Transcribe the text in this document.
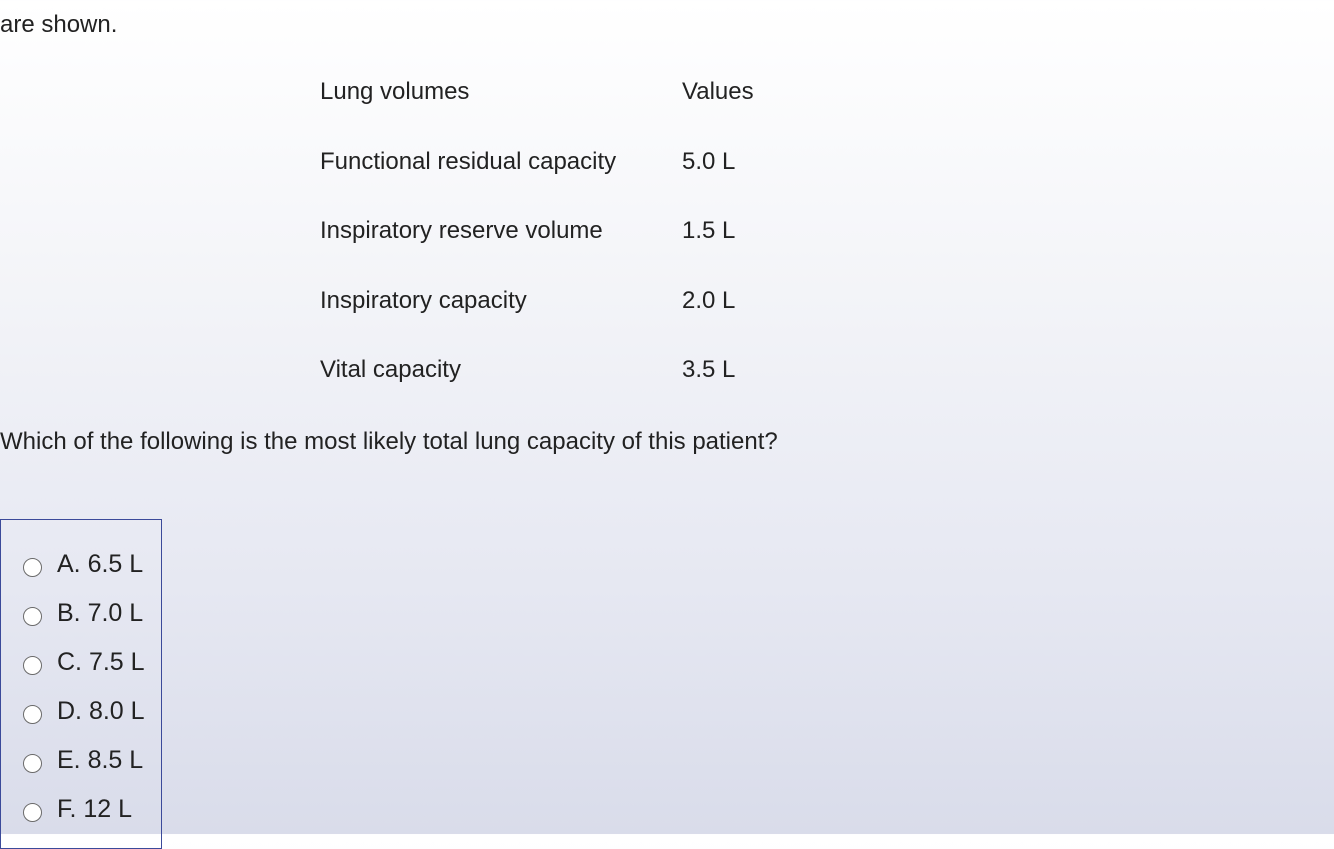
are shown.
Lung volumes	Values
Functional residual capacity	5.0 L
Inspiratory reserve volume	1.5 L
Inspiratory capacity	2.0 L
Vital capacity	3.5 L
Which of the following is the most likely total lung capacity of this patient?
A. 6.5 L
B. 7.0 L
C. 7.5 L
D. 8.0 L
E. 8.5 L
F. 12 L
